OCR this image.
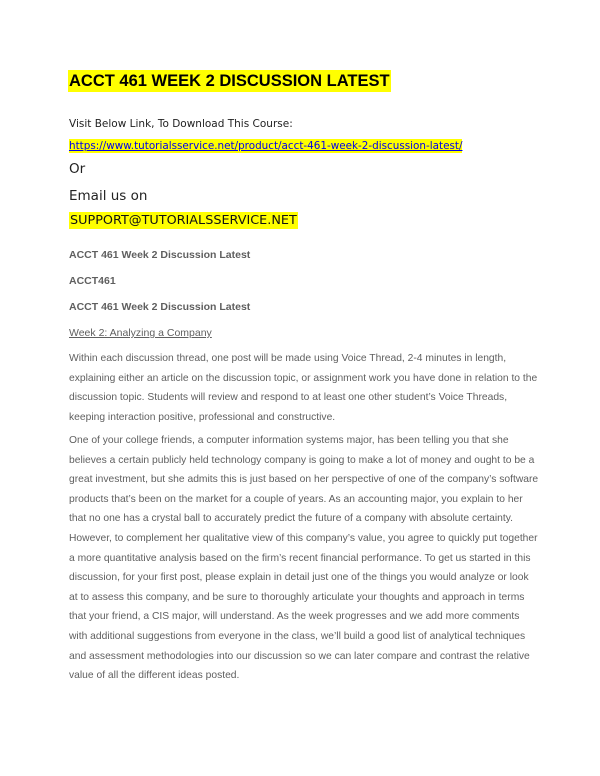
ACCT 461 WEEK 2 DISCUSSION LATEST
Visit Below Link, To Download This Course:
https://www.tutorialsservice.net/product/acct-461-week-2-discussion-latest/
Or
Email us on
SUPPORT@TUTORIALSSERVICE.NET
ACCT 461 Week 2 Discussion Latest
ACCT461
ACCT 461 Week 2 Discussion Latest
Week 2: Analyzing a Company

Within each discussion thread, one post will be made using Voice Thread, 2-4 minutes in length, explaining either an article on the discussion topic, or assignment work you have done in relation to the discussion topic. Students will review and respond to at least one other student’s Voice Threads, keeping interaction positive, professional and constructive.

One of your college friends, a computer information systems major, has been telling you that she believes a certain publicly held technology company is going to make a lot of money and ought to be a great investment, but she admits this is just based on her perspective of one of the company’s software products that’s been on the market for a couple of years. As an accounting major, you explain to her that no one has a crystal ball to accurately predict the future of a company with absolute certainty. However, to complement her qualitative view of this company’s value, you agree to quickly put together a more quantitative analysis based on the firm’s recent financial performance. To get us started in this discussion, for your first post, please explain in detail just one of the things you would analyze or look at to assess this company, and be sure to thoroughly articulate your thoughts and approach in terms that your friend, a CIS major, will understand. As the week progresses and we add more comments with additional suggestions from everyone in the class, we’ll build a good list of analytical techniques and assessment methodologies into our discussion so we can later compare and contrast the relative value of all the different ideas posted.
